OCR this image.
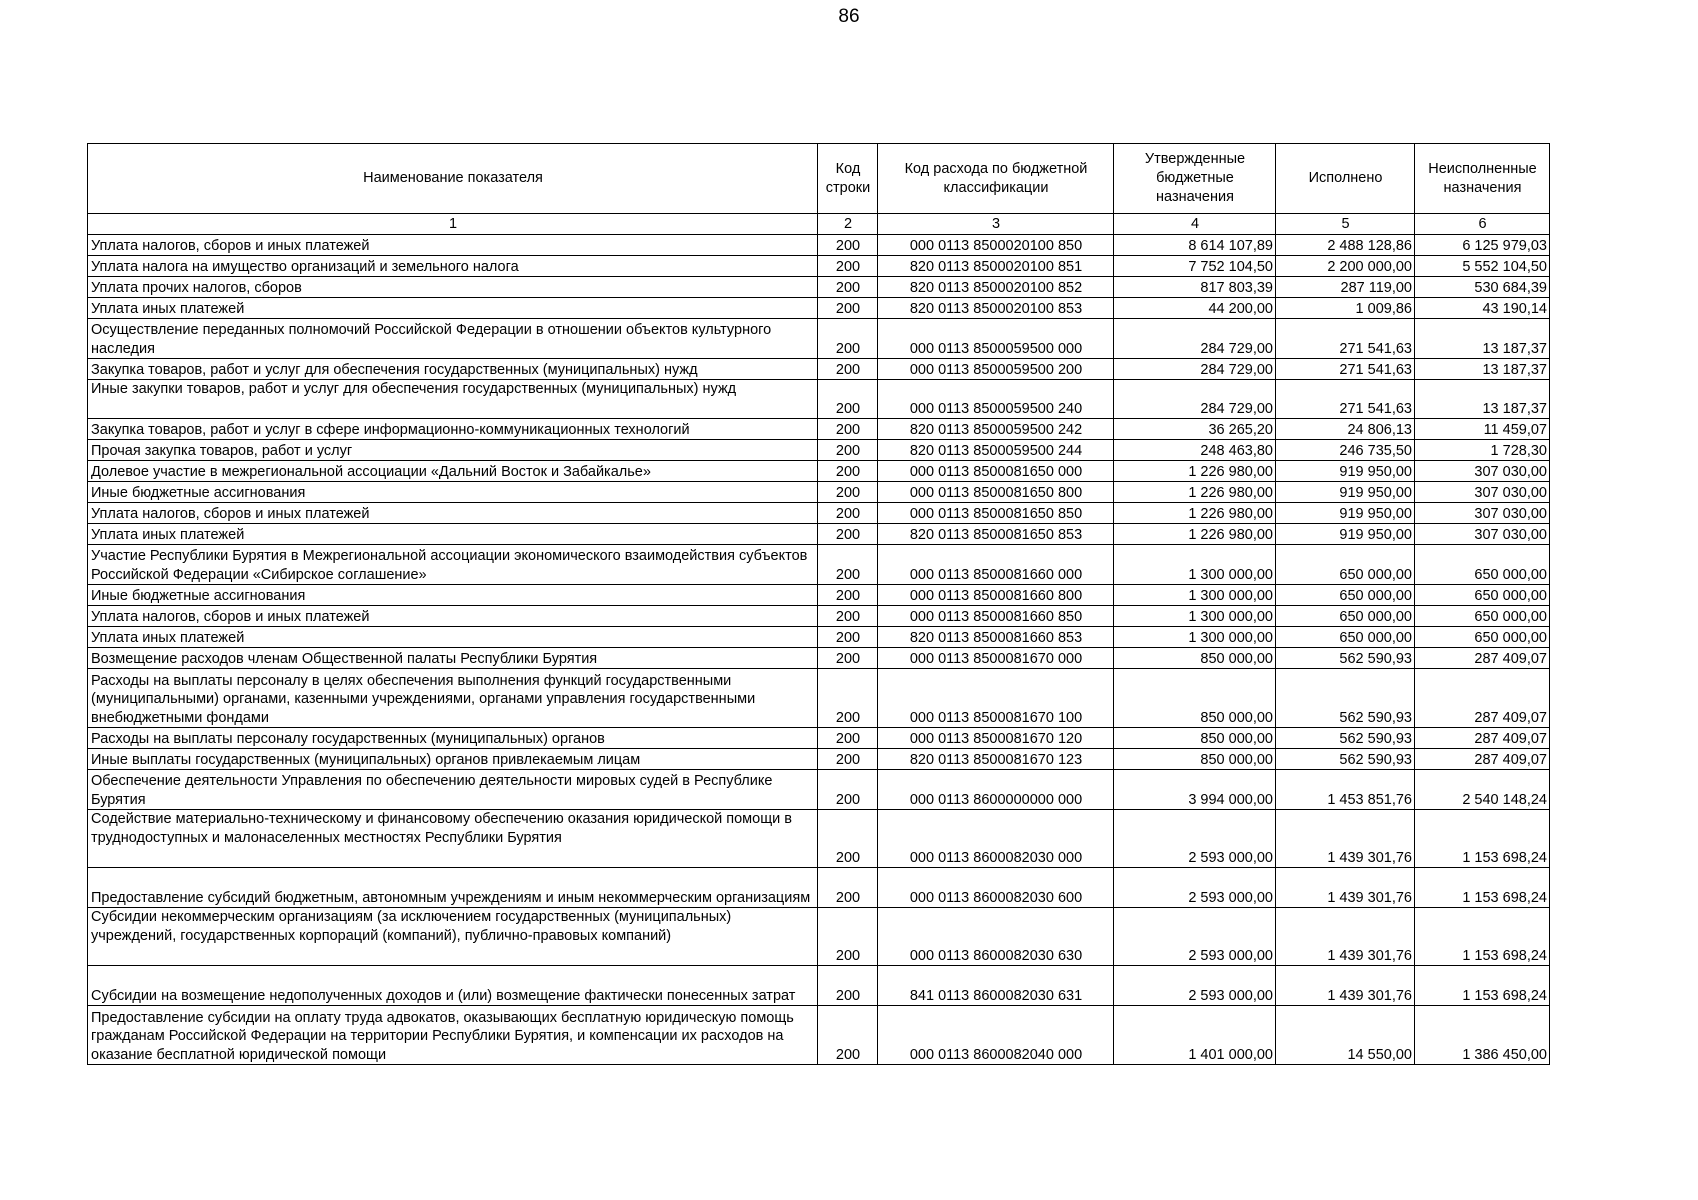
86
Наименование показателя	Код строки	Код расхода по бюджетной классификации	Утвержденные бюджетные назначения	Исполнено	Неисполненные назначения
1	2	3	4	5	6

Уплата налогов, сборов и иных платежей	200	000 0113 8500020100 850	8 614 107,89	2 488 128,86	6 125 979,03

Уплата налога на имущество организаций и земельного налога	200	820 0113 8500020100 851	7 752 104,50	2 200 000,00	5 552 104,50

Уплата прочих налогов, сборов	200	820 0113 8500020100 852	817 803,39	287 119,00	530 684,39

Уплата иных платежей	200	820 0113 8500020100 853	44 200,00	1 009,86	43 190,14

Осуществление переданных полномочий Российской Федерации в отношении объектов культурного наследия	200	000 0113 8500059500 000	284 729,00	271 541,63	13 187,37

Закупка товаров, работ и услуг для обеспечения государственных (муниципальных) нужд	200	000 0113 8500059500 200	284 729,00	271 541,63	13 187,37

Иные закупки товаров, работ и услуг для обеспечения государственных (муниципальных) нужд	200	000 0113 8500059500 240	284 729,00	271 541,63	13 187,37

Закупка товаров, работ и услуг в сфере информационно-коммуникационных технологий	200	820 0113 8500059500 242	36 265,20	24 806,13	11 459,07

Прочая закупка товаров, работ и услуг	200	820 0113 8500059500 244	248 463,80	246 735,50	1 728,30

Долевое участие в межрегиональной ассоциации «Дальний Восток и Забайкалье»	200	000 0113 8500081650 000	1 226 980,00	919 950,00	307 030,00

Иные бюджетные ассигнования	200	000 0113 8500081650 800	1 226 980,00	919 950,00	307 030,00

Уплата налогов, сборов и иных платежей	200	000 0113 8500081650 850	1 226 980,00	919 950,00	307 030,00

Уплата иных платежей	200	820 0113 8500081650 853	1 226 980,00	919 950,00	307 030,00

Участие Республики Бурятия в Межрегиональной ассоциации экономического взаимодействия субъектов Российской Федерации «Сибирское соглашение»	200	000 0113 8500081660 000	1 300 000,00	650 000,00	650 000,00

Иные бюджетные ассигнования	200	000 0113 8500081660 800	1 300 000,00	650 000,00	650 000,00

Уплата налогов, сборов и иных платежей	200	000 0113 8500081660 850	1 300 000,00	650 000,00	650 000,00

Уплата иных платежей	200	820 0113 8500081660 853	1 300 000,00	650 000,00	650 000,00

Возмещение расходов членам Общественной палаты Республики Бурятия	200	000 0113 8500081670 000	850 000,00	562 590,93	287 409,07

Расходы на выплаты персоналу в целях обеспечения выполнения функций государственными (муниципальными) органами, казенными учреждениями, органами управления государственными внебюджетными фондами	200	000 0113 8500081670 100	850 000,00	562 590,93	287 409,07

Расходы на выплаты персоналу государственных (муниципальных) органов	200	000 0113 8500081670 120	850 000,00	562 590,93	287 409,07

Иные выплаты государственных (муниципальных) органов привлекаемым лицам	200	820 0113 8500081670 123	850 000,00	562 590,93	287 409,07

Обеспечение деятельности Управления по обеспечению деятельности мировых судей в Республике Бурятия	200	000 0113 8600000000 000	3 994 000,00	1 453 851,76	2 540 148,24

Содействие материально-техническому и финансовому обеспечению оказания юридической помощи в труднодоступных и малонаселенных местностях Республики Бурятия	200	000 0113 8600082030 000	2 593 000,00	1 439 301,76	1 153 698,24

Предоставление субсидий бюджетным, автономным учреждениям и иным некоммерческим организациям	200	000 0113 8600082030 600	2 593 000,00	1 439 301,76	1 153 698,24

Субсидии некоммерческим организациям (за исключением государственных (муниципальных) учреждений, государственных корпораций (компаний), публично-правовых компаний)	200	000 0113 8600082030 630	2 593 000,00	1 439 301,76	1 153 698,24

Субсидии на возмещение недополученных доходов и (или) возмещение фактически понесенных затрат	200	841 0113 8600082030 631	2 593 000,00	1 439 301,76	1 153 698,24

Предоставление субсидии на оплату труда адвокатов, оказывающих бесплатную юридическую помощь гражданам Российской Федерации на территории Республики Бурятия, и компенсации их расходов на оказание бесплатной юридической помощи	200	000 0113 8600082040 000	1 401 000,00	14 550,00	1 386 450,00
